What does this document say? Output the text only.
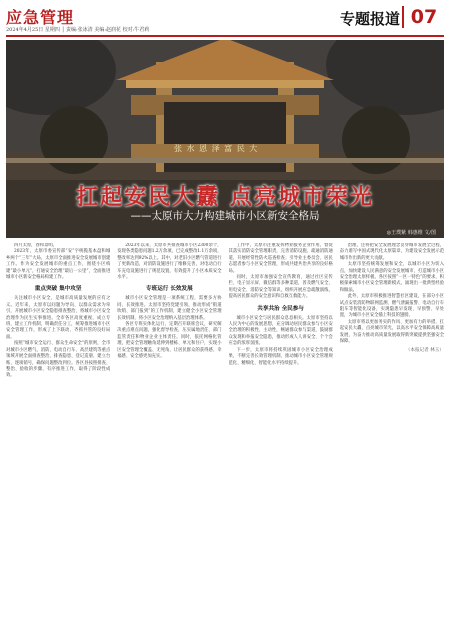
应急管理
2024年4月25日 星期四 │ 责编:张冰清 美编:赵润花 校对:牛君莉
专题报道 07
张 水 恩 泽 富 民 大
◎王璞紫 韩惠维 文/图
扛起安民大纛 点亮城市荣光
——太原市大力构建城市小区新安全格局

四月太原，春和景明。

2023年，太原市委宣传部“安”字统揽基本盘和城乡两个“三年”大局，太原市全面推进安全发展城市创建工作。作为安全发展城市的重点工作，围绕小区构建“最小单元”，打通安全治理“最后一公里”，全面推进城市小区新安全格局构建工作。

重点突破 集中攻坚

关注城市小区安全，是城市高质量发展的应有之义。近年来，太原市以问题为导向、以群众需求为牵引，开展城市小区安全隐患排查整治，将城市小区安全治理作为民生实事推进。全市各区高度重视，成立专班，建立工作机制，明确责任分工，统筹推进城市小区安全管理工作，形成了上下联动、齐抓共管的良好局面。

按照“城市安全运行、群众生命安全”的原则，全市对城市小区燃气、消防、电动自行车、高层建筑等重点领域开展全面排查整治，排查隐患、登记造册、建立台账、逐项销号，确保问题整改到位。各区县按照排查、整治、验收的步骤，有序推进工作，取得了阶段性成效。

2023年以来，太原市共排查城市小区2300余个，发现各类隐患问题1.2万余项，已完成整改1.1万余项，整改率达到92%以上。其中，对老旧小区燃气管道进行了更新改造，对消防设施进行了维修完善，对电动自行车充电设施进行了规范设置，有效提升了小区本质安全水平。

专班运行 长效发展

城市小区安全管理是一项系统工程，需要多方协同、长效推进。太原市坚持党建引领，推动形成“街道吹哨、部门报到”的工作机制，建立健全小区安全管理长效机制，将小区安全治理纳入基层治理体系。

各区专班实体化运行，定期召开联席会议，研究解决重点难点问题，强化督导检查，压实属地责任、部门监管责任和物业企业主体责任。同时，依托网格化管理，把安全管理触角延伸到楼栋、单元和住户，实现小区安全管理全覆盖、无死角，让居民群众的获得感、幸福感、安全感更加充实。

工作中，太原市注重发挥物业服务企业作用，督促其落实消防安全管理职责，完善消防设施、疏通消防通道，开展经常性防火巡查检查；引导业主委员会、居民志愿者参与小区安全管理，形成共建共治共享的良好格局。

同时，太原市加强安全宣传教育，通过社区宣传栏、电子显示屏、微信群等多种渠道，普及燃气安全、用电安全、消防安全等知识，组织开展应急疏散演练，提高居民群众的安全意识和自救互救能力。

共享共治 全民参与

城市小区安全与居民群众息息相关。太原市坚持以人民为中心的发展思想，充分调动居民群众参与小区安全治理的积极性、主动性，畅通群众参与渠道，鼓励群众发现和举报安全隐患，推动形成人人讲安全、个个会应急的浓厚氛围。

下一步，太原市将持续巩固城市小区安全治理成果，不断完善长效管理机制，推动城市小区安全管理规范化、精细化、智能化水平持续提升。

治理，还将把安全发展理念贯穿城市发展全过程，奋力谱写中国式现代化太原篇章，为建设安全发展示范城市作出新的更大贡献。

太原市坚持统筹发展和安全，以城市小区为切入点，加快建设人民满意的安全发展城市，打造城市小区安全治理太原样板。各区按照“一区一特色”的要求，积极探索城市小区安全管理新模式，涌现出一批典型经验和做法。

此外，太原市积极推进智慧社区建设，在部分小区试点安装消防物联网监测、燃气泄漏报警、电动自行车阻车等智能化设备，实现隐患早发现、早预警、早处置，为城市小区安全插上科技的翅膀。

太原市将以更加务实的作风、更加有力的举措，扛起安民大纛，点亮城市荣光，以高水平安全保障高质量发展，为奋力推动高质量发展取得新突破提供坚强安全保障。

（本报记者 林玉）
